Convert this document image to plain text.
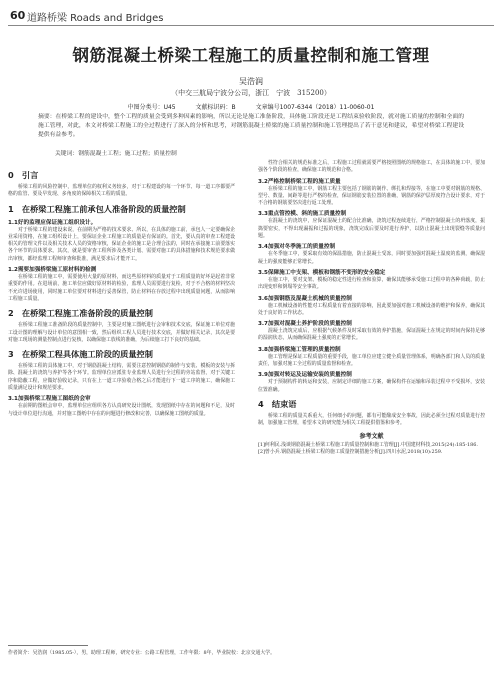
60 道路桥梁 Roads and Bridges
钢筋混凝土桥梁工程施工的质量控制和施工管理
吴浩润
（中交三航局宁波分公司，浙江　宁波　315200）
中图分类号：U45	文献标识码：B	文章编号1007-6344（2018）11-0060-01
摘要：在桥梁工程的建设中，整个工程的质量会受到多种因素的影响，所以无论是施工准备阶段，具体施工阶段还是工程结束验收阶段，就对施工质量的控制和全面的施工管理，对此，本文对桥梁工程施工的全过程进行了深入的分析和思考，对钢筋混凝土桥梁的施工质量控制和施工管理提出了若干意见和建议，希望对桥梁工程建设提供有益参考。
关键词：钢筋混凝土工程；施工过程；质量控制
0　引言
桥梁工程的风险控制中，监理单位的权利义务较多，对于工程建设的每一个环节、每一道工序都要严格的监管、要及早发现、多角度的保障相关工程的质量。
1　在桥梁工程施工前承包人准备阶段的质量控制
1.1好的监理应保证施工组织设计。
对于桥梁工程的建设来说，在前期为严格的技术要求、所以，在具体的施工前，承包人一定要确保企业采用资格，在施工组织设计上，要保证企业工程施工的质量是有保证的。首先，要认真的审查工程建设相关的管理文件以及相关技术人员的资格审核，保证企业的施工是合理合法的，同时在承接施工前要落实各个环节的具体要求。其次，就是要审查工程所涉及各类计划、需要对施工的具体措施和技术规范要求做出审核，都经监理工程师审查和批准，满足要求后才能开工。
1.2需要加强桥梁施工原材料的检测
在桥梁工程的施工中，需要使用大量的原材料，而这些原材料的质量对于工程质量的好坏是起着非常重要的作用。在进场前，施工单位应做好原材料的检验，监理人员需要进行复检，对于不合格的材料坚决不允许进场使用，同时施工单位要对材料进行妥善保管，防止材料在存放过程中出现质量问题，从而影响工程施工质量。
2　在桥梁工程施工准备阶段的质量控制
在桥梁工程施工准备阶段的质量控制中，主要是对施工图纸进行会审和技术交底，保证施工单位对施工设计图的理解与设计单位的意图相一致，然后组织工程人员进行技术交底，并做好相关记录，其次是要对施工现场的测量控制点进行复核，以确保施工放线的准确，为后续施工打下良好的基础。
3　在桥梁工程具体施工阶段的质量控制
在桥梁工程的具体施工中，对于钢筋混凝土结构，需要注意控制钢筋的制作与安装、模板的安装与拆除、混凝土的浇筑与养护等各个环节。监理单位应派驻专业监理人员进行全过程的旁站监督，对于关键工序和隐蔽工程，应做好验收记录，只有在上一道工序验收合格之后才能进行下一道工序的施工，确保施工质量满足设计和规范要求。
3.1加强桥梁工程施工图纸的会审
在前期的图纸会审中，监理单位应组织各方认真研究设计图纸，发现图纸中存在的问题和不足，及时与设计单位进行沟通，并对施工图纸中存在的问题进行修改和完善，以确保施工图纸的质量。
性符合相关的规范标准之后，工程施工过程就需要严格按照图纸的规格施工，在具体的施工中，要加强各个阶段的检查，确保施工的规范和合格。
3.2严格控制桥梁工程的施工质量
在桥梁工程的施工中，钢筋工程主要包括了钢筋的制作、绑扎和焊接等，在施工中要对钢筋的规格、型号、数量、间距等进行严格的检查，保证钢筋安装位置的准确，钢筋的保护层厚度符合设计要求，对于不合格的钢筋要坚决进行返工处理。
3.3重点管控模、斜的施工质量控制
在混凝土的浇筑中，应保证混凝土的配合比准确，浇筑过程连续进行，严格控制混凝土的坍落度，振捣要密实，不得出现漏振和过振的现象，浇筑完成后要及时进行养护，以防止混凝土出现裂缝等质量问题。
3.4加强对冬季施工的质量控制
在冬季施工中，要采取有效的保温措施，防止混凝土受冻，同时要加强对混凝土温度的监测，确保混凝土的强度能够正常增长。
3.5保障施工中支架、模板和钢筋不变形的安全稳定
在施工中，要对支架、模板的稳定性进行检查和验算，确保其能够承受施工过程中的各种荷载，防止出现变形和倒塌等安全事故。
3.6加强钢筋及混凝土机械的质量控制
施工机械设备的性能对工程质量有着直接的影响，因此要加强对施工机械设备的维护和保养，确保其处于良好的工作状态。
3.7加强对混凝土养护阶段的质量控制
混凝土浇筑完成后，应根据气候条件及时采取有效的养护措施，保证混凝土在规定的时间内保持足够的湿润状态，从而确保混凝土强度的正常增长。
3.8加强桥梁施工管理的质量控制
施工管理是保证工程质量的重要手段，施工单位应建立健全质量管理体系，明确各部门和人员的质量责任，加强对施工全过程的质量监督和检查。
3.9加强对转运及运输安装的质量控制
对于预制构件的转运和安装，应制定详细的施工方案，确保构件在运输和吊装过程中不受损坏，安装位置准确。
4　结束语
桥梁工程的质量关系重大，任何细小的问题，都有可能酿成安全事故，因此必须全过程对质量进行控制，加强施工管理，希望本文的研究能为相关工程提供借鉴和参考。
参考文献
[1]何利民.浅谈钢筋混凝土桥梁工程施工的质量控制和施工管理[J].中国建材科技,2015(24):185-186.
[2]曾小兵.钢筋混凝土桥梁工程的施工质量控制措施分析[J].四川水泥,2018(10):259.
作者简介：吴浩润（1985.05-），男，助理工程师，研究专业：公路工程管理，工作年限：8年，毕业院校：北京交通大学。
